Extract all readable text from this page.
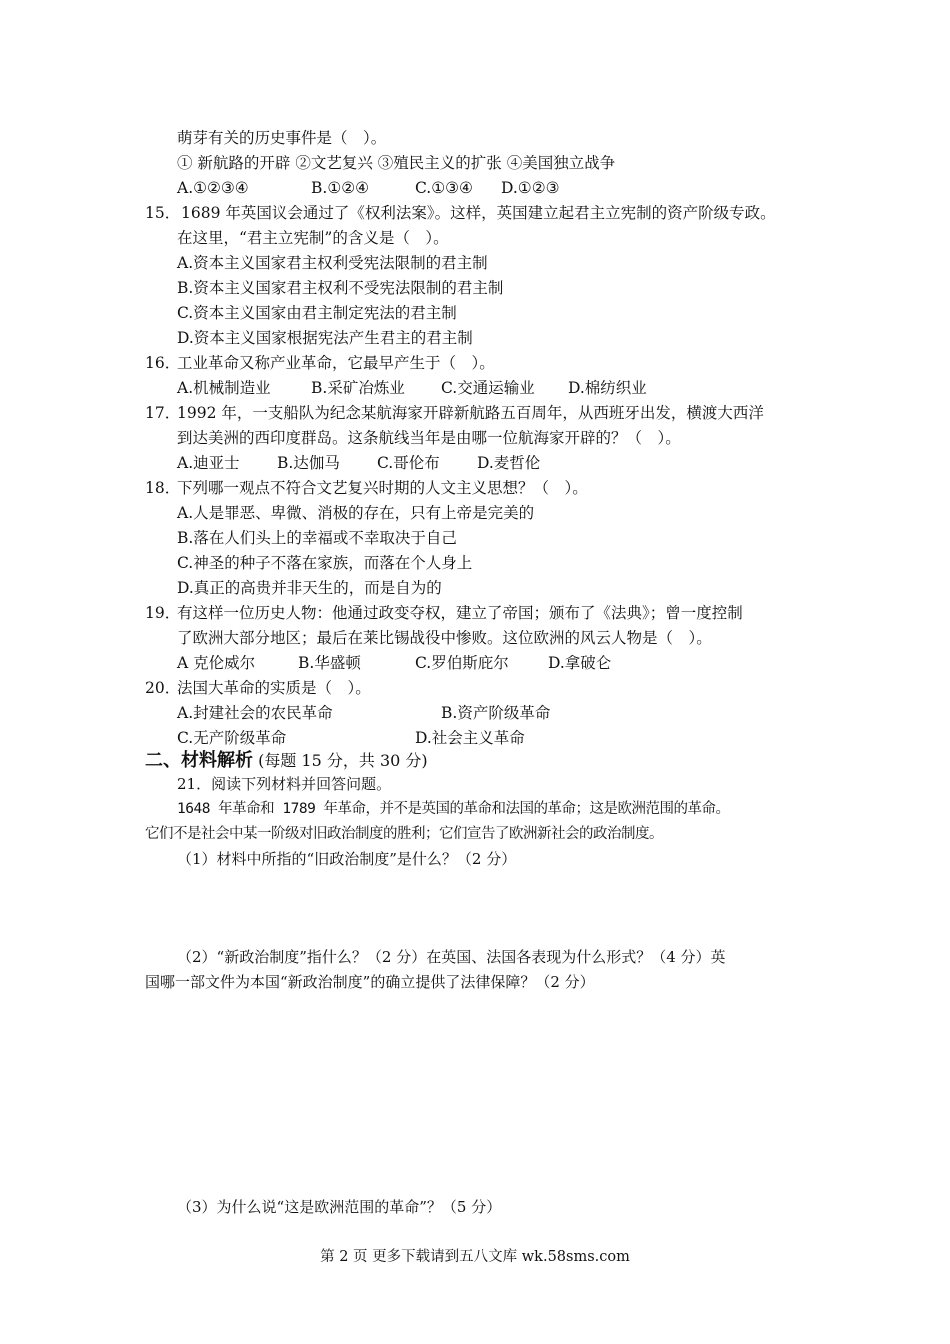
萌芽有关的历史事件是（　）。
① 新航路的开辟 ②文艺复兴 ③殖民主义的扩张 ④美国独立战争
A.①②③④	B.①②④	C.①③④ D.①②③
15． 1689 年英国议会通过了《权利法案》。这样，英国建立起君主立宪制的资产阶级专政。
在这里，“君主立宪制”的含义是（　）。
A.资本主义国家君主权利受宪法限制的君主制
B.资本主义国家君主权利不受宪法限制的君主制
C.资本主义国家由君主制定宪法的君主制
D.资本主义国家根据宪法产生君主的君主制
16．
工业革命又称产业革命，它最早产生于（　）。
A.机械制造业	B.采矿冶炼业 C.交通运输业 D.棉纺织业
17．
1992 年，一支船队为纪念某航海家开辟新航路五百周年，从西班牙出发，横渡大西洋
到达美洲的西印度群岛。这条航线当年是由哪一位航海家开辟的？（　）。
A.迪亚士 B.达伽马 C.哥伦布 D.麦哲伦
18．
下列哪一观点不符合文艺复兴时期的人文主义思想？（　）。
A.人是罪恶、卑微、消极的存在，只有上帝是完美的
B.落在人们头上的幸福或不幸取决于自己
C.神圣的种子不落在家族，而落在个人身上
D.真正的高贵并非天生的，而是自为的
19．
有这样一位历史人物：他通过政变夺权，建立了帝国；颁布了《法典》；曾一度控制
了欧洲大部分地区；最后在莱比锡战役中惨败。这位欧洲的风云人物是（　）。
A 克伦威尔	B.华盛顿	C.罗伯斯庇尔	D.拿破仑
20．
法国大革命的实质是（　）。
A.封建社会的农民革命	B.资产阶级革命
C.无产阶级革命	D.社会主义革命
二、材料解析 (每题 15 分，共 30 分)
21．阅读下列材料并回答问题。
1648 年革命和 1789 年革命，并不是英国的革命和法国的革命；这是欧洲范围的革命。
它们不是社会中某一阶级对旧政治制度的胜利；它们宣告了欧洲新社会的政治制度。
（1）材料中所指的“旧政治制度”是什么？（2 分）
（2）“新政治制度”指什么？（2 分）在英国、法国各表现为什么形式？（4 分）英
国哪一部文件为本国“新政治制度”的确立提供了法律保障？（2 分）
（3）为什么说“这是欧洲范围的革命”？（5 分）
第 2 页 更多下载请到五八文库 wk.58sms.com
